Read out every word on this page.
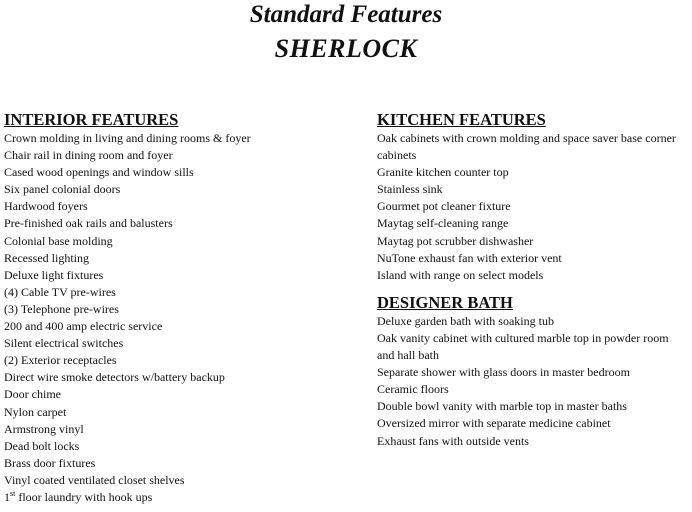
Standard Features
SHERLOCK
INTERIOR FEATURES
Crown molding in living and dining rooms & foyer
Chair rail in dining room and foyer
Cased wood openings and window sills
Six panel colonial doors
Hardwood foyers
Pre-finished oak rails and balusters
Colonial base molding
Recessed lighting
Deluxe light fixtures
(4) Cable TV pre-wires
(3) Telephone pre-wires
200 and 400 amp electric service
Silent electrical switches
(2) Exterior receptacles
Direct wire smoke detectors w/battery backup
Door chime
Nylon carpet
Armstrong vinyl
Dead bolt locks
Brass door fixtures
Vinyl coated ventilated closet shelves
1st floor laundry with hook ups
KITCHEN FEATURES
Oak cabinets with crown molding and space saver base corner cabinets
Granite kitchen counter top
Stainless sink
Gourmet pot cleaner fixture
Maytag self-cleaning range
Maytag pot scrubber dishwasher
NuTone exhaust fan with exterior vent
Island with range on select models
DESIGNER BATH
Deluxe garden bath with soaking tub
Oak vanity cabinet with cultured marble top in powder room and hall bath
Separate shower with glass doors in master bedroom
Ceramic floors
Double bowl vanity with marble top in master baths
Oversized mirror with separate medicine cabinet
Exhaust fans with outside vents
